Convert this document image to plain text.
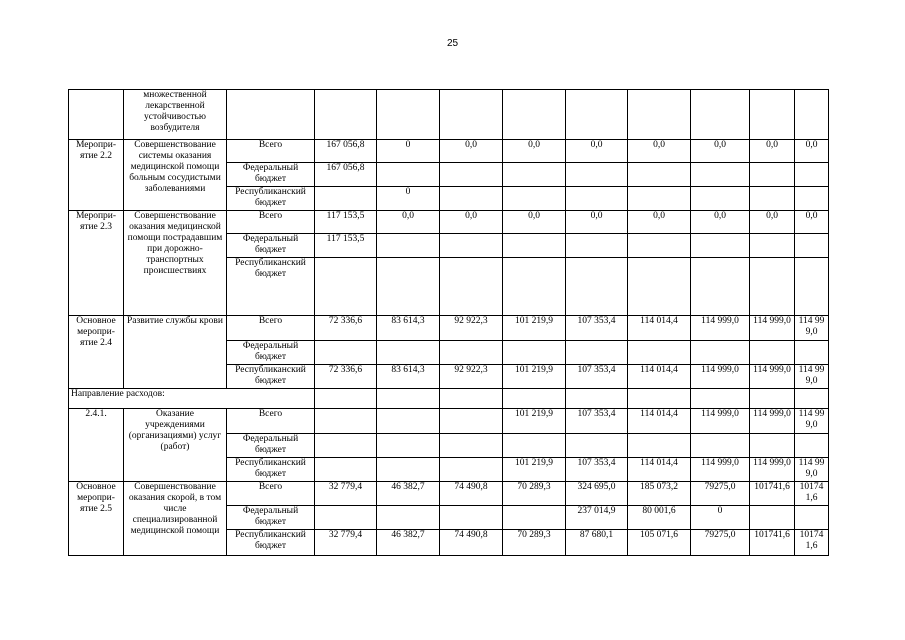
25
	множественной лекарственной устойчивостью возбудителя										
Меропри-ятие 2.2	Совершенствование системы оказания медицинской помощи больным сосудистыми заболеваниями	Всего	167 056,8	0	0,0	0,0	0,0	0,0	0,0	0,0	0,0
		Федеральный бюджет	167 056,8								
		Республиканский бюджет		0							
Меропри-ятие 2.3	Совершенствование оказания медицинской помощи пострадавшим при дорожно-транспортных происшествиях	Всего	117 153,5	0,0	0,0	0,0	0,0	0,0	0,0	0,0	0,0
		Федеральный бюджет	117 153,5								
		Республиканский бюджет									
Основное меропри-ятие 2.4	Развитие службы крови	Всего	72 336,6	83 614,3	92 922,3	101 219,9	107 353,4	114 014,4	114 999,0	114 999,0	114 999,0
		Федеральный бюджет									
		Республиканский бюджет	72 336,6	83 614,3	92 922,3	101 219,9	107 353,4	114 014,4	114 999,0	114 999,0	114 999,0
Направление расходов:											
2.4.1.	Оказание учреждениями (организациями) услуг (работ)	Всего				101 219,9	107 353,4	114 014,4	114 999,0	114 999,0	114 999,0
		Федеральный бюджет									
		Республиканский бюджет				101 219,9	107 353,4	114 014,4	114 999,0	114 999,0	114 999,0
Основное меропри-ятие 2.5	Совершенствование оказания скорой, в том числе специализированной медицинской помощи	Всего	32 779,4	46 382,7	74 490,8	70 289,3	324 695,0	185 073,2	79275,0	101741,6	101741,6
		Федеральный бюджет					237 014,9	80 001,6	0		
		Республиканский бюджет	32 779,4	46 382,7	74 490,8	70 289,3	87 680,1	105 071,6	79275,0	101741,6	101741,6
